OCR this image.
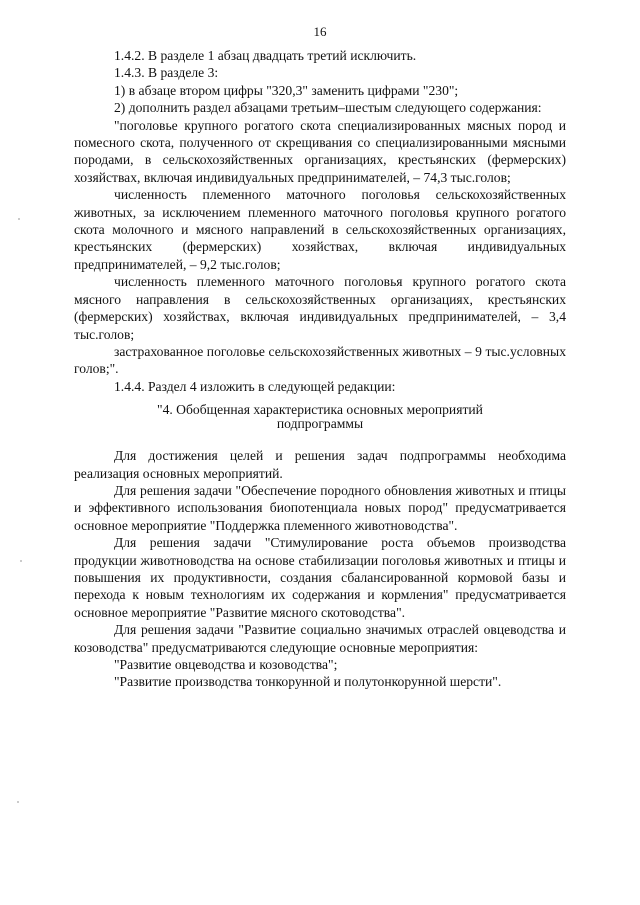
16

1.4.2. В разделе 1 абзац двадцать третий исключить.

1.4.3. В разделе 3:

1) в абзаце втором цифры "320,3" заменить цифрами "230";

2) дополнить раздел абзацами третьим–шестым следующего содержания:

"поголовье крупного рогатого скота специализированных мясных пород и помесного скота, полученного от скрещивания со специализированными мясными породами, в сельскохозяйственных организациях, крестьянских (фермерских) хозяйствах, включая индивидуальных предпринимателей, – 74,3 тыс.голов;

численность племенного маточного поголовья сельскохозяйственных животных, за исключением племенного маточного поголовья крупного рогатого скота молочного и мясного направлений в сельскохозяйственных организациях, крестьянских (фермерских) хозяйствах, включая индивидуальных предпринимателей, – 9,2 тыс.голов;

численность племенного маточного поголовья крупного рогатого скота мясного направления в сельскохозяйственных организациях, крестьянских (фермерских) хозяйствах, включая индивидуальных предпринимателей, – 3,4 тыс.голов;

застрахованное поголовье сельскохозяйственных животных – 9 тыс.условных голов;".

1.4.4. Раздел 4 изложить в следующей редакции:

"4. Обобщенная характеристика основных мероприятий
подпрограммы

Для достижения целей и решения задач подпрограммы необходима реализация основных мероприятий.

Для решения задачи "Обеспечение породного обновления животных и птицы и эффективного использования биопотенциала новых пород" предусматривается основное мероприятие "Поддержка племенного животноводства".

Для решения задачи "Стимулирование роста объемов производства продукции животноводства на основе стабилизации поголовья животных и птицы и повышения их продуктивности, создания сбалансированной кормовой базы и перехода к новым технологиям их содержания и кормления" предусматривается основное мероприятие "Развитие мясного скотоводства".

Для решения задачи "Развитие социально значимых отраслей овцеводства и козоводства" предусматриваются следующие основные мероприятия:

"Развитие овцеводства и козоводства";

"Развитие производства тонкорунной и полутонкорунной шерсти".
